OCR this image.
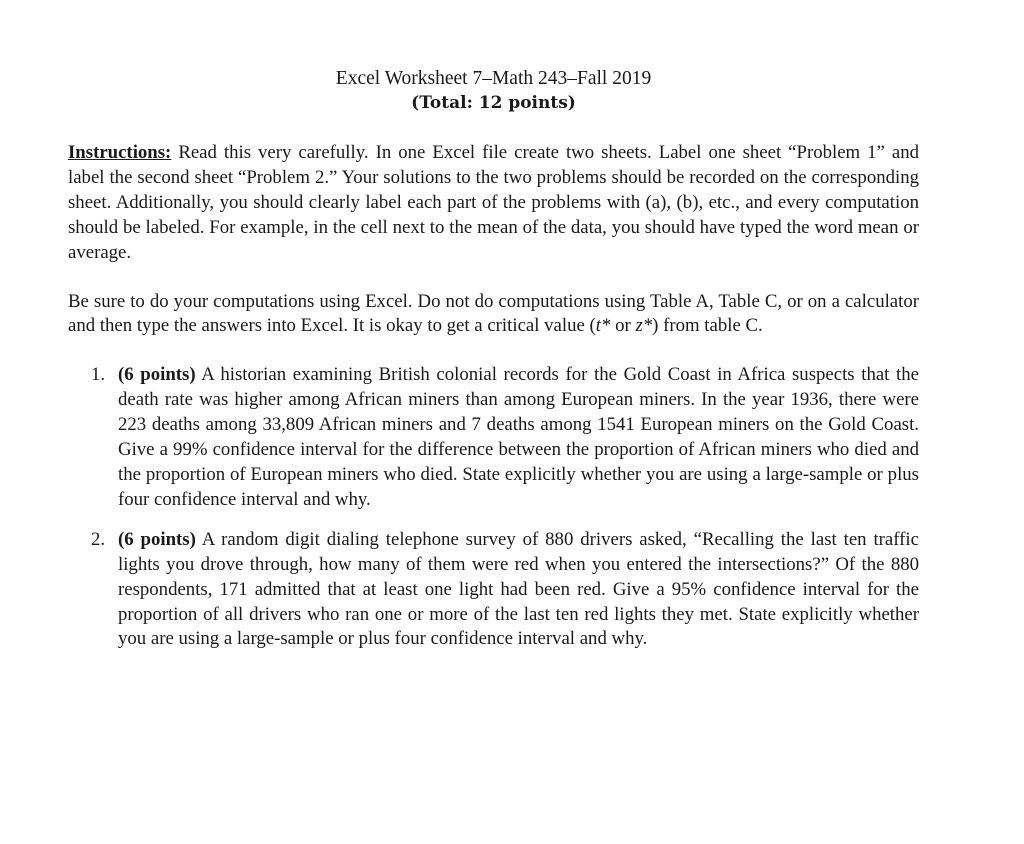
Excel Worksheet 7–Math 243–Fall 2019
(Total: 12 points)

Instructions: Read this very carefully. In one Excel file create two sheets. Label one sheet “Problem 1” and label the second sheet “Problem 2.” Your solutions to the two problems should be recorded on the corresponding sheet. Additionally, you should clearly label each part of the problems with (a), (b), etc., and every computation should be labeled. For example, in the cell next to the mean of the data, you should have typed the word mean or average.

Be sure to do your computations using Excel. Do not do computations using Table A, Table C, or on a calculator and then type the answers into Excel. It is okay to get a critical value (t* or z*) from table C.

1. (6 points) A historian examining British colonial records for the Gold Coast in Africa suspects that the death rate was higher among African miners than among European miners. In the year 1936, there were 223 deaths among 33,809 African miners and 7 deaths among 1541 European miners on the Gold Coast. Give a 99% confidence interval for the difference between the proportion of African miners who died and the proportion of European miners who died. State explicitly whether you are using a large-sample or plus four confidence interval and why.
2. (6 points) A random digit dialing telephone survey of 880 drivers asked, “Recalling the last ten traffic lights you drove through, how many of them were red when you entered the intersections?” Of the 880 respondents, 171 admitted that at least one light had been red. Give a 95% confidence interval for the proportion of all drivers who ran one or more of the last ten red lights they met. State explicitly whether you are using a large-sample or plus four confidence interval and why.
